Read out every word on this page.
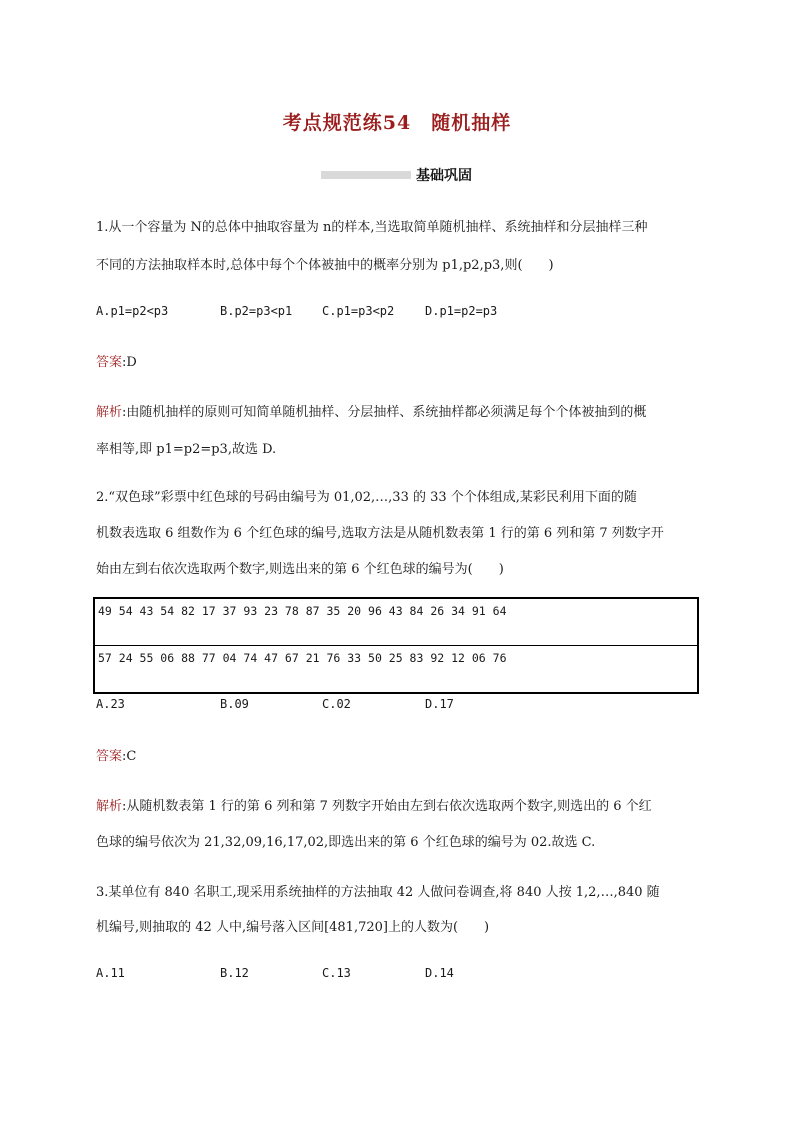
考点规范练54　随机抽样
基础巩固
1.从一个容量为 N的总体中抽取容量为 n的样本,当选取简单随机抽样、系统抽样和分层抽样三种
不同的方法抽取样本时,总体中每个个体被抽中的概率分别为 p1,p2,p3,则(　　)
A.p1=p2<p3	B.p2=p3<p1 C.p1=p3<p2	D.p1=p2=p3
答案:D
解析:由随机抽样的原则可知简单随机抽样、分层抽样、系统抽样都必须满足每个个体被抽到的概
率相等,即 p1=p2=p3,故选 D.
2.“双色球”彩票中红色球的号码由编号为 01,02,…,33 的 33 个个体组成,某彩民利用下面的随
机数表选取 6 组数作为 6 个红色球的编号,选取方法是从随机数表第 1 行的第 6 列和第 7 列数字开
始由左到右依次选取两个数字,则选出来的第 6 个红色球的编号为(　　)
49 54 43 54 82 17 37 93 23 78 87 35 20 96 43 84 26 34 91 64
57 24 55 06 88 77 04 74 47 67 21 76 33 50 25 83 92 12 06 76
A.23	B.09	C.02	D.17
答案:C
解析:从随机数表第 1 行的第 6 列和第 7 列数字开始由左到右依次选取两个数字,则选出的 6 个红
色球的编号依次为 21,32,09,16,17,02,即选出来的第 6 个红色球的编号为 02.故选 C.
3.某单位有 840 名职工,现采用系统抽样的方法抽取 42 人做问卷调查,将 840 人按 1,2,…,840 随
机编号,则抽取的 42 人中,编号落入区间[481,720]上的人数为(　　)
A.11	B.12	C.13	D.14
